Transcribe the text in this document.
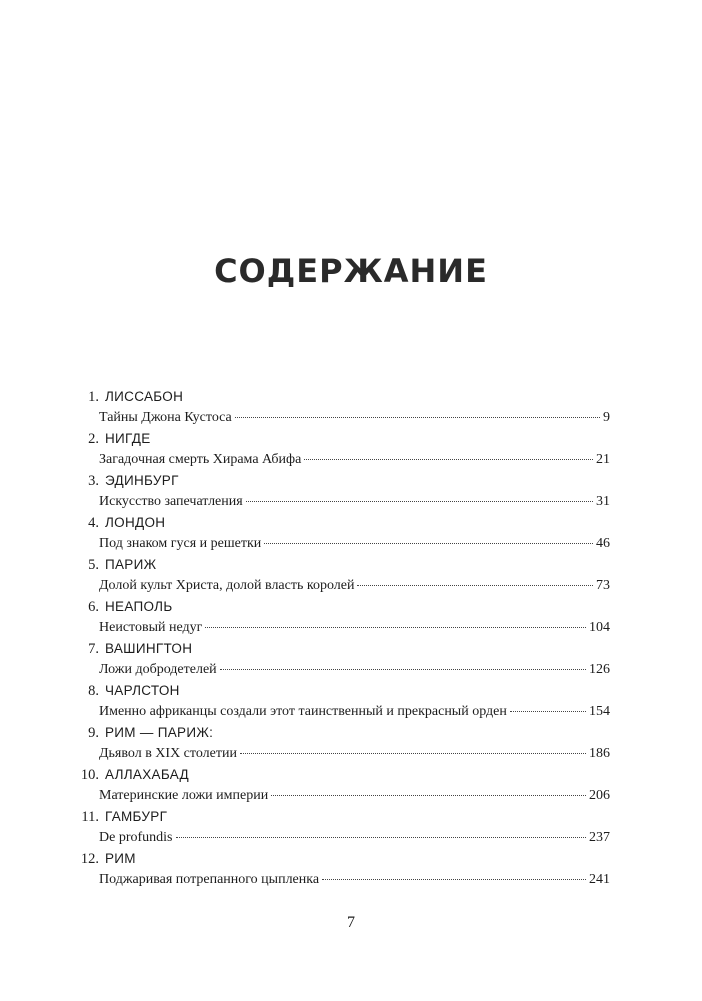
СОДЕРЖАНИЕ
1. ЛИССАБОН
Тайны Джона Кустоса	9
2. НИГДЕ
Загадочная смерть Хирама Абифа	21
3. ЭДИНБУРГ
Искусство запечатления	31
4. ЛОНДОН
Под знаком гуся и решетки	46
5. ПАРИЖ
Долой культ Христа, долой власть королей	73
6. НЕАПОЛЬ
Неистовый недуг	104
7. ВАШИНГТОН
Ложи добродетелей	126
8. ЧАРЛСТОН
Именно африканцы создали этот таинственный и прекрасный орден	154
9. РИМ — ПАРИЖ:
Дьявол в XIX столетии	186
10. АЛЛАХАБАД
Материнские ложи империи	206
11. ГАМБУРГ
De profundis	237
12. РИМ
Поджаривая потрепанного цыпленка	241
7
